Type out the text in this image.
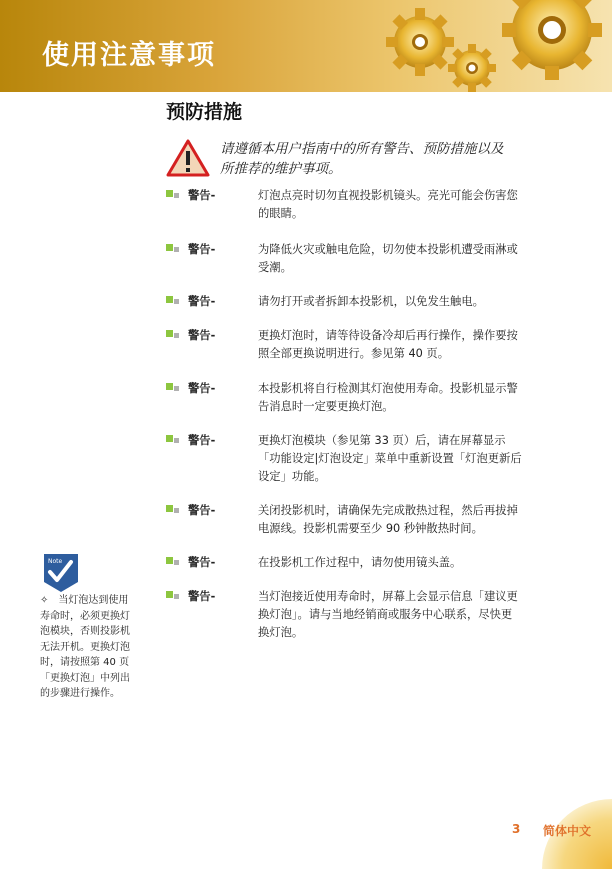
使用注意事项
预防措施
请遵循本用户指南中的所有警告、预防措施以及
所推荐的维护事项。
警告-	灯泡点亮时切勿直视投影机镜头。亮光可能会伤害您
的眼睛。
警告-	为降低火灾或触电危险，切勿使本投影机遭受雨淋或
受潮。
警告-	请勿打开或者拆卸本投影机，以免发生触电。
警告-	更换灯泡时，请等待设备冷却后再行操作，操作要按
照全部更换说明进行。参见第 40 页。
警告-	本投影机将自行检测其灯泡使用寿命。投影机显示警
告消息时一定要更换灯泡。
警告-	更换灯泡模块（参见第 33 页）后，请在屏幕显示
「功能设定|灯泡设定」菜单中重新设置「灯泡更新后
设定」功能。
警告-	关闭投影机时，请确保先完成散热过程，然后再拔掉
电源线。投影机需要至少 90 秒钟散热时间。
警告-	在投影机工作过程中，请勿使用镜头盖。
警告-	当灯泡接近使用寿命时，屏幕上会显示信息「建议更
换灯泡」。请与当地经销商或服务中心联系，尽快更
换灯泡。
Note
✧　当灯泡达到使用
寿命时，必须更换灯
泡模块，否则投影机
无法开机。更换灯泡
时，请按照第 40 页
「更换灯泡」中列出
的步骤进行操作。
3 简体中文
